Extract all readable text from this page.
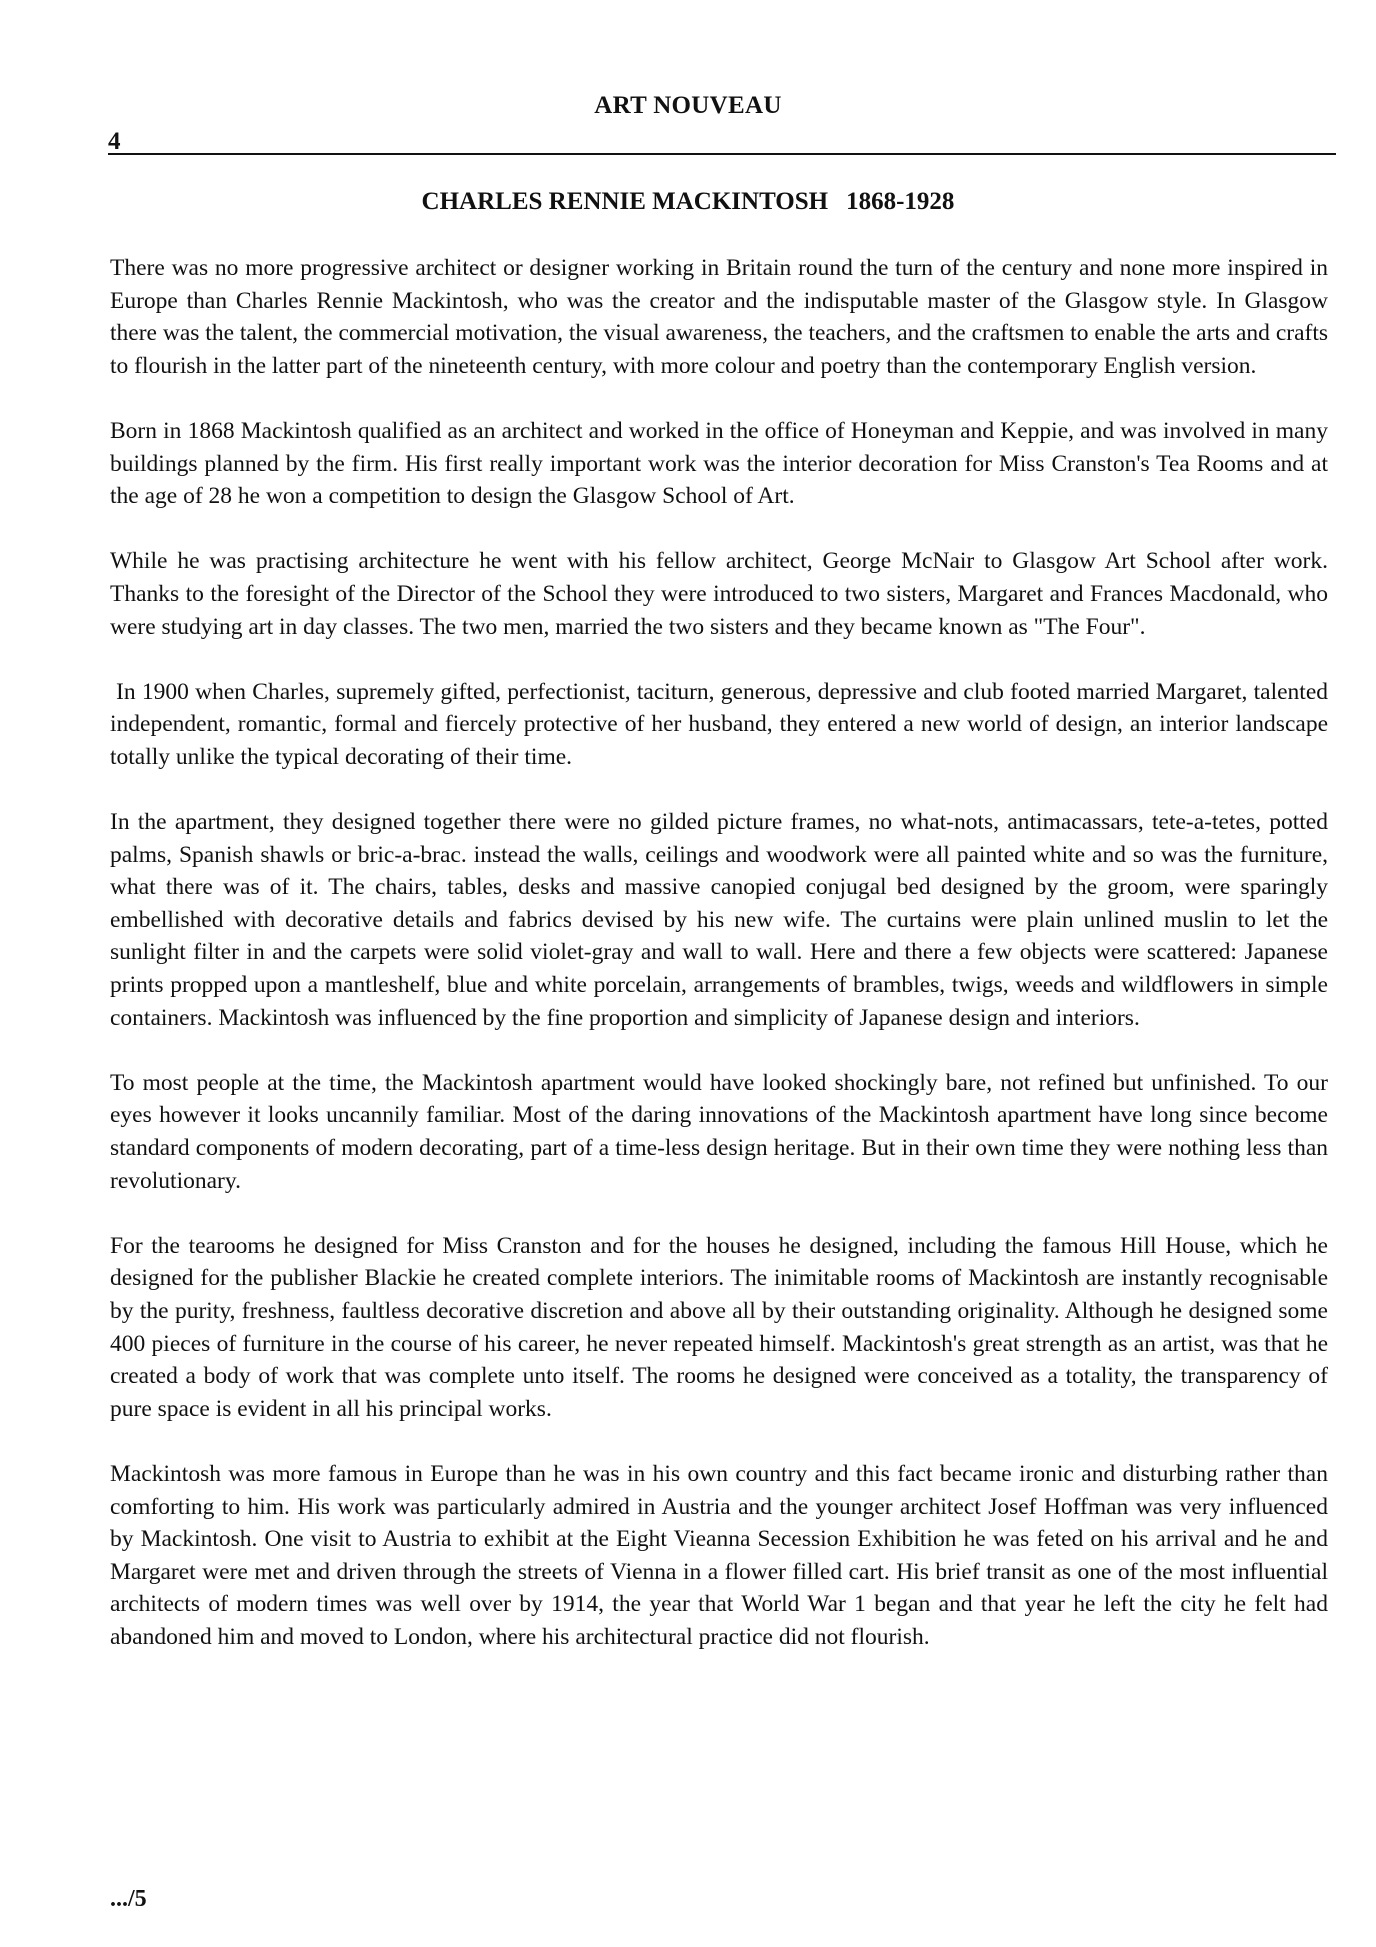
ART NOUVEAU
4
CHARLES RENNIE MACKINTOSH 1868-1928

There was no more progressive architect or designer working in Britain round the turn of the century and none more inspired in Europe than Charles Rennie Mackintosh, who was the creator and the indisputable master of the Glasgow style. In Glasgow there was the talent, the commercial motivation, the visual awareness, the teachers, and the craftsmen to enable the arts and crafts to flourish in the latter part of the nineteenth century, with more colour and poetry than the contemporary English version.

Born in 1868 Mackintosh qualified as an architect and worked in the office of Honeyman and Keppie, and was involved in many buildings planned by the firm. His first really important work was the interior decoration for Miss Cranston's Tea Rooms and at the age of 28 he won a competition to design the Glasgow School of Art.

While he was practising architecture he went with his fellow architect, George McNair to Glasgow Art School after work. Thanks to the foresight of the Director of the School they were introduced to two sisters, Margaret and Frances Macdonald, who were studying art in day classes. The two men, married the two sisters and they became known as "The Four".

In 1900 when Charles, supremely gifted, perfectionist, taciturn, generous, depressive and club footed married Margaret, talented independent, romantic, formal and fiercely protective of her husband, they entered a new world of design, an interior landscape totally unlike the typical decorating of their time.

In the apartment, they designed together there were no gilded picture frames, no what-nots, antimacassars, tete-a-tetes, potted palms, Spanish shawls or bric-a-brac. instead the walls, ceilings and woodwork were all painted white and so was the furniture, what there was of it. The chairs, tables, desks and massive canopied conjugal bed designed by the groom, were sparingly embellished with decorative details and fabrics devised by his new wife. The curtains were plain unlined muslin to let the sunlight filter in and the carpets were solid violet-gray and wall to wall. Here and there a few objects were scattered: Japanese prints propped upon a mantleshelf, blue and white porcelain, arrangements of brambles, twigs, weeds and wildflowers in simple containers. Mackintosh was influenced by the fine proportion and simplicity of Japanese design and interiors.

To most people at the time, the Mackintosh apartment would have looked shockingly bare, not refined but unfinished. To our eyes however it looks uncannily familiar. Most of the daring innovations of the Mackintosh apartment have long since become standard components of modern decorating, part of a time-less design heritage. But in their own time they were nothing less than revolutionary.

For the tearooms he designed for Miss Cranston and for the houses he designed, including the famous Hill House, which he designed for the publisher Blackie he created complete interiors. The inimitable rooms of Mackintosh are instantly recognisable by the purity, freshness, faultless decorative discretion and above all by their outstanding originality. Although he designed some 400 pieces of furniture in the course of his career, he never repeated himself. Mackintosh's great strength as an artist, was that he created a body of work that was complete unto itself. The rooms he designed were conceived as a totality, the transparency of pure space is evident in all his principal works.

Mackintosh was more famous in Europe than he was in his own country and this fact became ironic and disturbing rather than comforting to him. His work was particularly admired in Austria and the younger architect Josef Hoffman was very influenced by Mackintosh. One visit to Austria to exhibit at the Eight Vieanna Secession Exhibition he was feted on his arrival and he and Margaret were met and driven through the streets of Vienna in a flower filled cart. His brief transit as one of the most influential architects of modern times was well over by 1914, the year that World War 1 began and that year he left the city he felt had abandoned him and moved to London, where his architectural practice did not flourish.

.../5
